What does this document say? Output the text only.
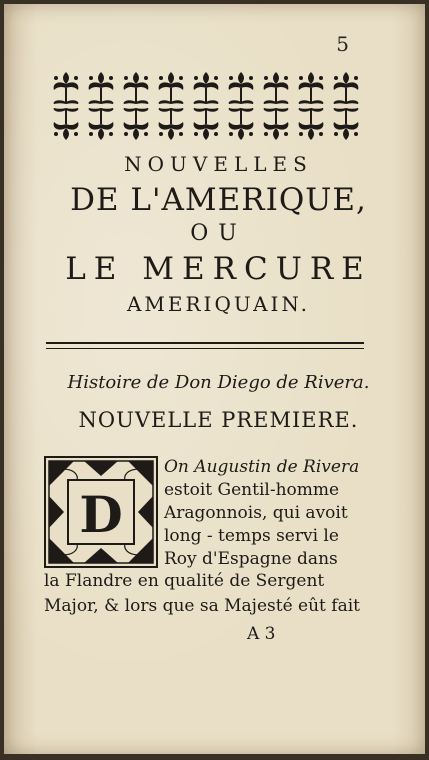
5
NOUVELLES
DE L'AMERIQUE,
OU
LE MERCURE
AMERIQUAIN.
Histoire de Don Diego de Rivera.
NOUVELLE PREMIERE.
D
On Augustin de Rivera
estoit Gentil-homme
Aragonnois, qui avoit
long - temps servi le
Roy d'Espagne dans
la Flandre en qualité de Sergent
Major, & lors que sa Majesté eût fait
A 3
